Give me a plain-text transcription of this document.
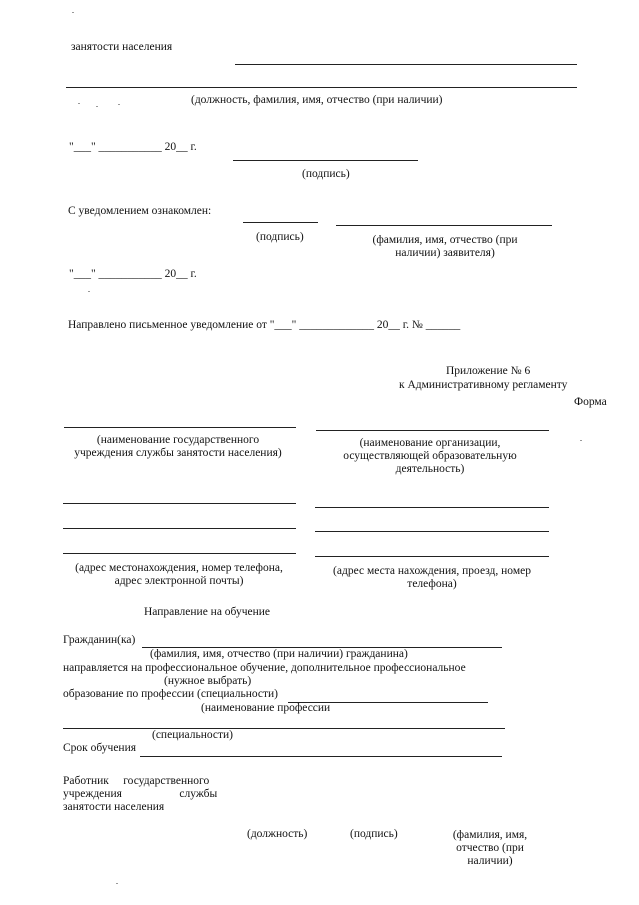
занятости населения
(должность, фамилия, имя, отчество (при наличии)
"___" ___________ 20__ г.
(подпись)
С уведомлением ознакомлен:
(подпись)	(фамилия, имя, отчество (при наличии) заявителя)
"___" ___________ 20__ г.
Направлено письменное уведомление от "___" _____________ 20__ г. № ______
Приложение № 6
к Административному регламенту
Форма
(наименование государственного учреждения службы занятости населения)
(адрес местонахождения, номер телефона, адрес электронной почты)
(наименование организации, осуществляющей образовательную деятельность)
(адрес места нахождения, проезд, номер телефона)
Направление на обучение
Гражданин(ка)
(фамилия, имя, отчество (при наличии) гражданина)
направляется на профессиональное обучение, дополнительное профессиональное
(нужное выбрать)
образование по профессии (специальности)
(наименование профессии
(специальности)
Срок обучения
Работник     государственного
учреждения                    службы
занятости населения
(должность)	(подпись)	(фамилия, имя, отчество (при наличии)
